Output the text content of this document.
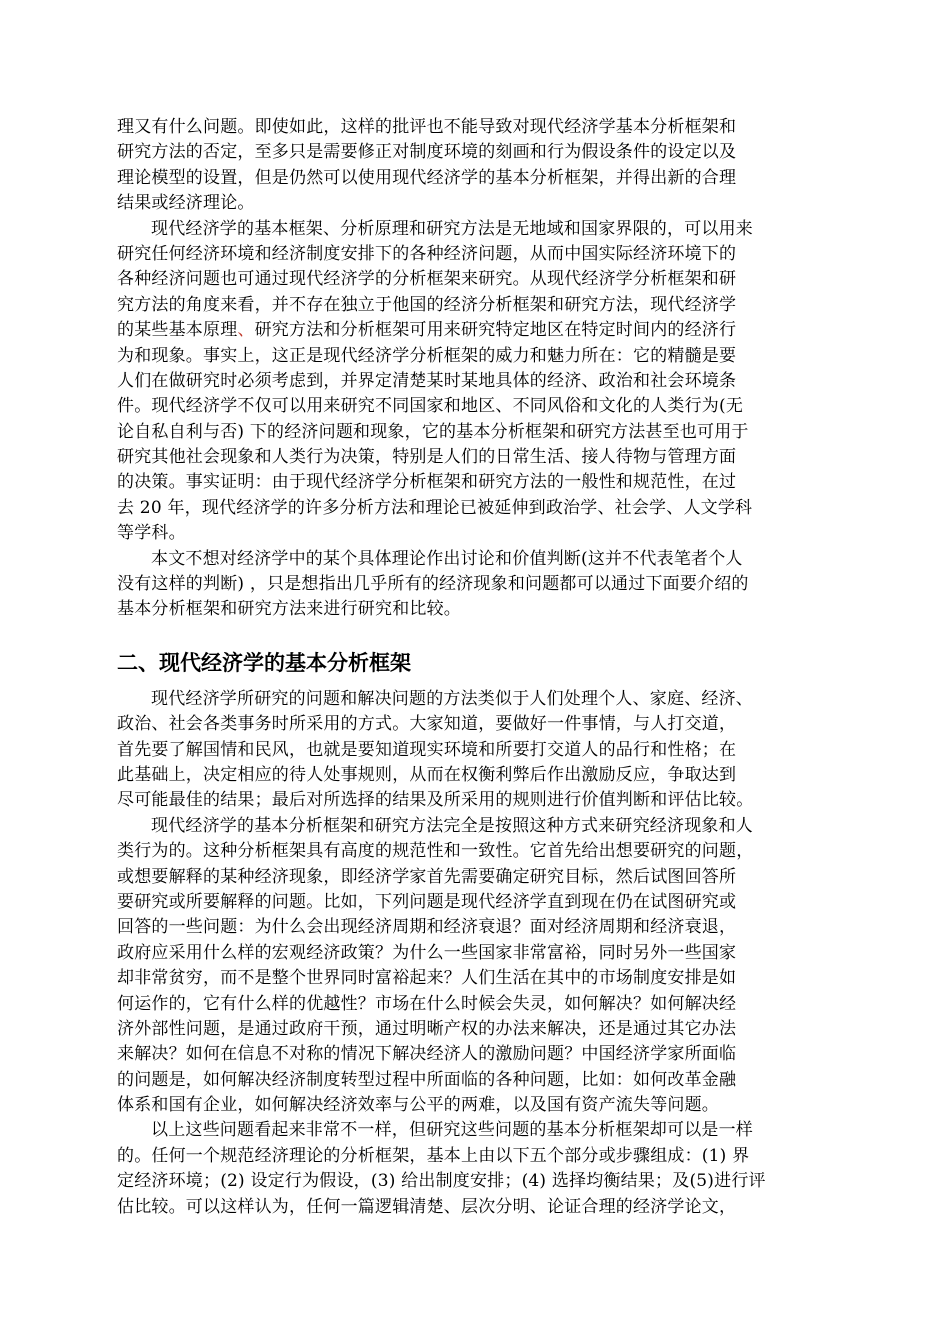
理又有什么问题。即使如此，这样的批评也不能导致对现代经济学基本分析框架和
研究方法的否定，至多只是需要修正对制度环境的刻画和行为假设条件的设定以及
理论模型的设置，但是仍然可以使用现代经济学的基本分析框架，并得出新的合理
结果或经济理论。
现代经济学的基本框架、分析原理和研究方法是无地域和国家界限的，可以用来
研究任何经济环境和经济制度安排下的各种经济问题，从而中国实际经济环境下的
各种经济问题也可通过现代经济学的分析框架来研究。从现代经济学分析框架和研
究方法的角度来看，并不存在独立于他国的经济分析框架和研究方法，现代经济学
的某些基本原理、研究方法和分析框架可用来研究特定地区在特定时间内的经济行
为和现象。事实上，这正是现代经济学分析框架的威力和魅力所在：它的精髓是要
人们在做研究时必须考虑到，并界定清楚某时某地具体的经济、政治和社会环境条
件。现代经济学不仅可以用来研究不同国家和地区、不同风俗和文化的人类行为(无
论自私自利与否) 下的经济问题和现象，它的基本分析框架和研究方法甚至也可用于
研究其他社会现象和人类行为决策，特别是人们的日常生活、接人待物与管理方面
的决策。事实证明：由于现代经济学分析框架和研究方法的一般性和规范性，在过
去 20 年，现代经济学的许多分析方法和理论已被延伸到政治学、社会学、人文学科
等学科。
本文不想对经济学中的某个具体理论作出讨论和价值判断(这并不代表笔者个人
没有这样的判断) ，只是想指出几乎所有的经济现象和问题都可以通过下面要介绍的
基本分析框架和研究方法来进行研究和比较。
二、现代经济学的基本分析框架
现代经济学所研究的问题和解决问题的方法类似于人们处理个人、家庭、经济、
政治、社会各类事务时所采用的方式。大家知道，要做好一件事情，与人打交道，
首先要了解国情和民风，也就是要知道现实环境和所要打交道人的品行和性格；在
此基础上，决定相应的待人处事规则，从而在权衡利弊后作出激励反应，争取达到
尽可能最佳的结果；最后对所选择的结果及所采用的规则进行价值判断和评估比较。
现代经济学的基本分析框架和研究方法完全是按照这种方式来研究经济现象和人
类行为的。这种分析框架具有高度的规范性和一致性。它首先给出想要研究的问题，
或想要解释的某种经济现象，即经济学家首先需要确定研究目标，然后试图回答所
要研究或所要解释的问题。比如，下列问题是现代经济学直到现在仍在试图研究或
回答的一些问题：为什么会出现经济周期和经济衰退？面对经济周期和经济衰退，
政府应采用什么样的宏观经济政策？为什么一些国家非常富裕，同时另外一些国家
却非常贫穷，而不是整个世界同时富裕起来？人们生活在其中的市场制度安排是如
何运作的，它有什么样的优越性？市场在什么时候会失灵，如何解决？如何解决经
济外部性问题，是通过政府干预，通过明晰产权的办法来解决，还是通过其它办法
来解决？如何在信息不对称的情况下解决经济人的激励问题？中国经济学家所面临
的问题是，如何解决经济制度转型过程中所面临的各种问题，比如：如何改革金融
体系和国有企业，如何解决经济效率与公平的两难，以及国有资产流失等问题。
以上这些问题看起来非常不一样，但研究这些问题的基本分析框架却可以是一样
的。任何一个规范经济理论的分析框架，基本上由以下五个部分或步骤组成：(1) 界
定经济环境；(2) 设定行为假设，(3) 给出制度安排；(4) 选择均衡结果；及(5)进行评
估比较。可以这样认为，任何一篇逻辑清楚、层次分明、论证合理的经济学论文，
